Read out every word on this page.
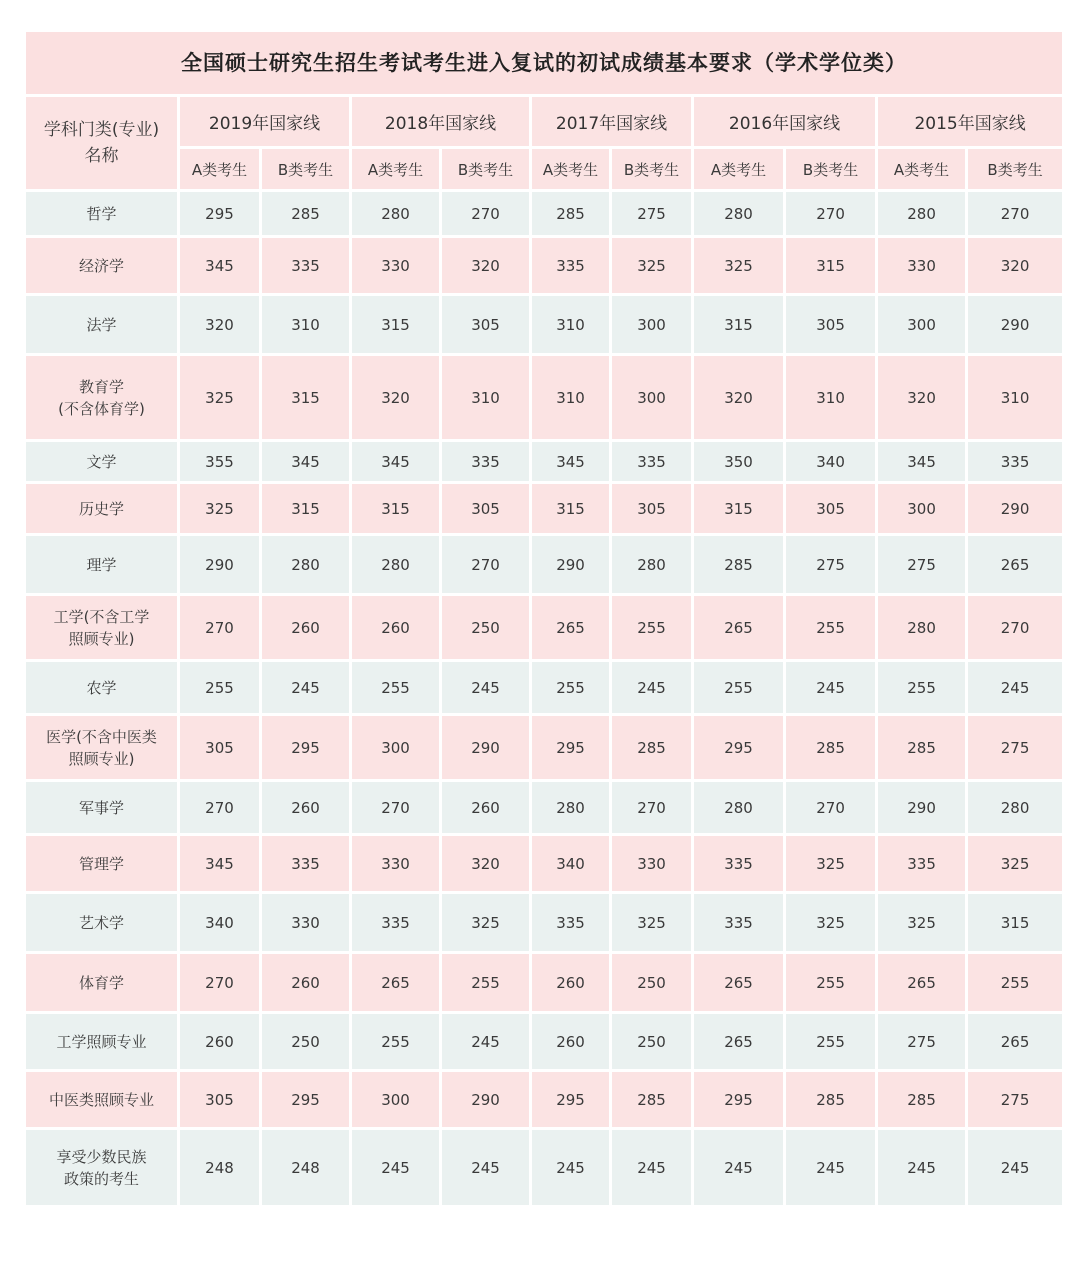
全国硕士研究生招生考试考生进入复试的初试成绩基本要求（学术学位类）
学科门类(专业)名称	2019年国家线		2018年国家线		2017年国家线		2016年国家线		2015年国家线	
	A类考生	B类考生	A类考生	B类考生	A类考生	B类考生	A类考生	B类考生	A类考生	B类考生
哲学	295	285	280	270	285	275	280	270	280	270
经济学	345	335	330	320	335	325	325	315	330	320
法学	320	310	315	305	310	300	315	305	300	290
教育学
(不含体育学)	325	315	320	310	310	300	320	310	320	310
文学	355	345	345	335	345	335	350	340	345	335
历史学	325	315	315	305	315	305	315	305	300	290
理学	290	280	280	270	290	280	285	275	275	265
工学(不含工学
照顾专业)	270	260	260	250	265	255	265	255	280	270
农学	255	245	255	245	255	245	255	245	255	245
医学(不含中医类
照顾专业)	305	295	300	290	295	285	295	285	285	275
军事学	270	260	270	260	280	270	280	270	290	280
管理学	345	335	330	320	340	330	335	325	335	325
艺术学	340	330	335	325	335	325	335	325	325	315
体育学	270	260	265	255	260	250	265	255	265	255
工学照顾专业	260	250	255	245	260	250	265	255	275	265
中医类照顾专业	305	295	300	290	295	285	295	285	285	275
享受少数民族
政策的考生	248	248	245	245	245	245	245	245	245	245
